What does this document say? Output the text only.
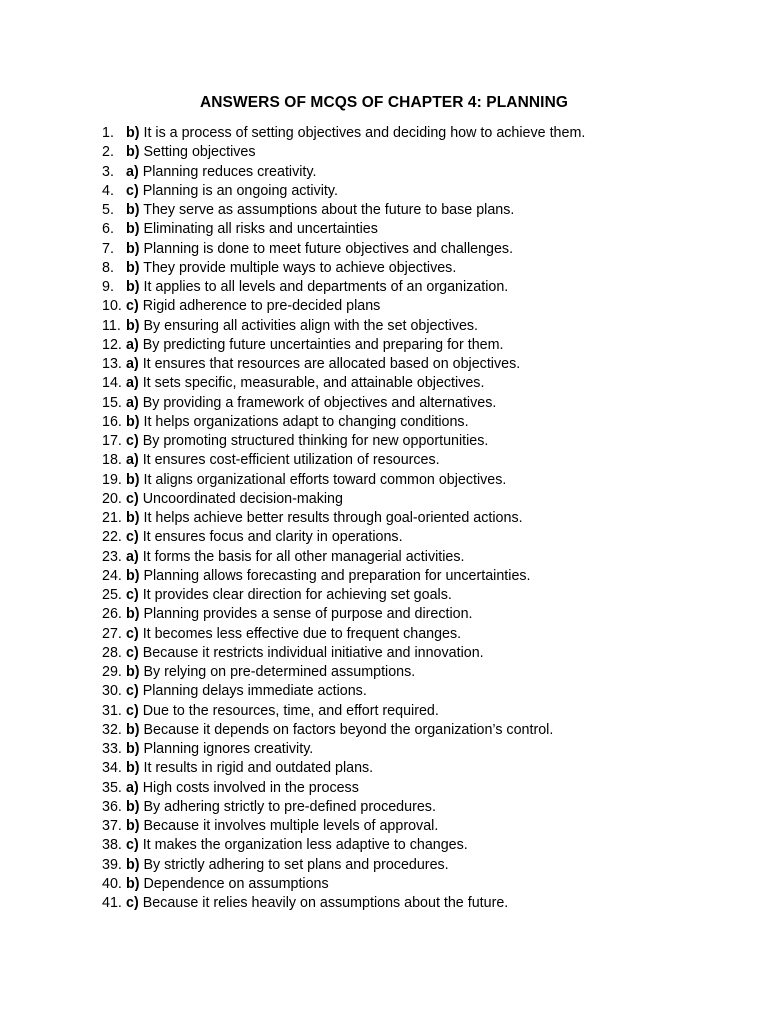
ANSWERS OF MCQS OF CHAPTER 4: PLANNING
1. b) It is a process of setting objectives and deciding how to achieve them.
2. b) Setting objectives
3. a) Planning reduces creativity.
4. c) Planning is an ongoing activity.
5. b) They serve as assumptions about the future to base plans.
6. b) Eliminating all risks and uncertainties
7. b) Planning is done to meet future objectives and challenges.
8. b) They provide multiple ways to achieve objectives.
9. b) It applies to all levels and departments of an organization.
10. c) Rigid adherence to pre-decided plans
11. b) By ensuring all activities align with the set objectives.
12. a) By predicting future uncertainties and preparing for them.
13. a) It ensures that resources are allocated based on objectives.
14. a) It sets specific, measurable, and attainable objectives.
15. a) By providing a framework of objectives and alternatives.
16. b) It helps organizations adapt to changing conditions.
17. c) By promoting structured thinking for new opportunities.
18. a) It ensures cost-efficient utilization of resources.
19. b) It aligns organizational efforts toward common objectives.
20. c) Uncoordinated decision-making
21. b) It helps achieve better results through goal-oriented actions.
22. c) It ensures focus and clarity in operations.
23. a) It forms the basis for all other managerial activities.
24. b) Planning allows forecasting and preparation for uncertainties.
25. c) It provides clear direction for achieving set goals.
26. b) Planning provides a sense of purpose and direction.
27. c) It becomes less effective due to frequent changes.
28. c) Because it restricts individual initiative and innovation.
29. b) By relying on pre-determined assumptions.
30. c) Planning delays immediate actions.
31. c) Due to the resources, time, and effort required.
32. b) Because it depends on factors beyond the organization’s control.
33. b) Planning ignores creativity.
34. b) It results in rigid and outdated plans.
35. a) High costs involved in the process
36. b) By adhering strictly to pre-defined procedures.
37. b) Because it involves multiple levels of approval.
38. c) It makes the organization less adaptive to changes.
39. b) By strictly adhering to set plans and procedures.
40. b) Dependence on assumptions
41. c) Because it relies heavily on assumptions about the future.
